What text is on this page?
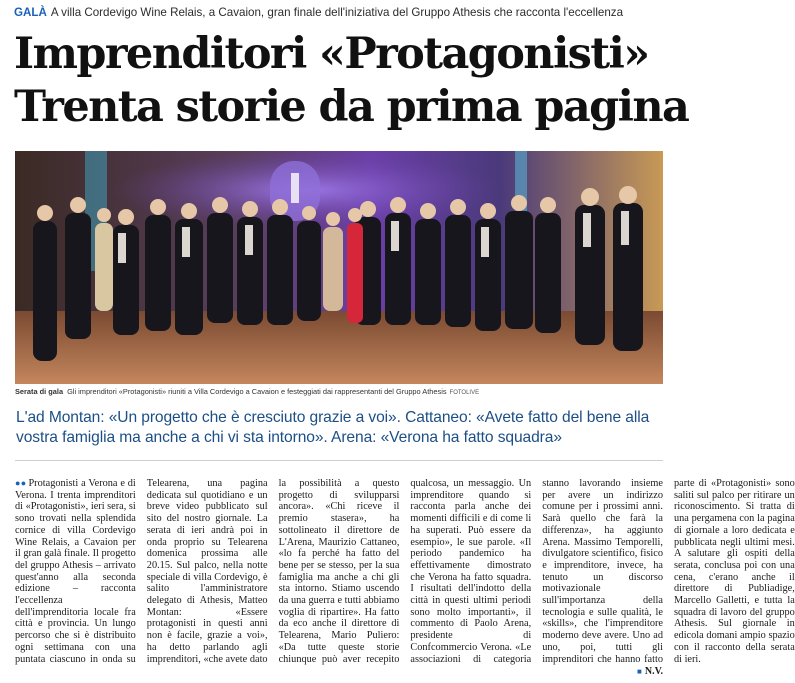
GALÀ A villa Cordevigo Wine Relais, a Cavaion, gran finale dell'iniziativa del Gruppo Athesis che racconta l'eccellenza
Imprenditori «Protagonisti»
Trenta storie da prima pagina
Serata di gala Gli imprenditori «Protagonisti» riuniti a Villa Cordevigo a Cavaion e festeggiati dai rappresentanti del Gruppo Athesis FOTOLIVE
L'ad Montan: «Un progetto che è cresciuto grazie a voi». Cattaneo: «Avete fatto del bene alla vostra famiglia ma anche a chi vi sta intorno». Arena: «Verona ha fatto squadra»

●● Protagonisti a Verona e di Verona. I trenta imprenditori di «Protagonisti», ieri sera, si sono trovati nella splendida cornice di villa Cordevigo Wine Relais, a Cavaion per il gran galà finale. Il progetto del gruppo Athesis – arrivato quest'anno alla seconda edizione – racconta l'eccellenza dell'imprenditoria locale fra città e provincia. Un lungo percorso che si è distribuito ogni settimana con una puntata ciascuno in onda su Telearena, una pagina dedicata sul quotidiano e un breve video pubblicato sul sito del nostro giornale. La serata di ieri andrà poi in onda proprio su Telearena domenica prossima alle 20.15. Sul palco, nella notte speciale di villa Cordevigo, è salito l'amministratore delegato di Athesis, Matteo Montan: «Essere protagonisti in questi anni non è facile, grazie a voi», ha detto parlando agli imprenditori, «che avete dato la possibilità a questo progetto di svilupparsi ancora». «Chi riceve il premio stasera», ha sottolineato il direttore de L'Arena, Maurizio Cattaneo, «lo fa perché ha fatto del bene per se stesso, per la sua famiglia ma anche a chi gli sta intorno. Stiamo uscendo da una guerra e tutti abbiamo voglia di ripartire». Ha fatto da eco anche il direttore di Telearena, Mario Pulierо: «Da tutte queste storie chiunque può aver recepito qualcosa, un messaggio. Un imprenditore quando si racconta parla anche dei momenti difficili e di come li ha superati. Può essere da esempio», le sue parole. «Il periodo pandemico ha effettivamente dimostrato che Verona ha fatto squadra. I risultati dell'indotto della città in questi ultimi periodi sono molto importanti», il commento di Paolo Arena, presidente di Confcommercio Verona. «Le associazioni di categoria stanno lavorando insieme per avere un indirizzo comune per i prossimi anni. Sarà quello che farà la differenza», ha aggiunto Arena. Massimo Temporelli, divulgatore scientifico, fisico e imprenditore, invece, ha tenuto un discorso motivazionale sull'importanza della tecnologia e sulle qualità, le «skills», che l'imprenditore moderno deve avere. Uno ad uno, poi, tutti gli imprenditori che hanno fatto parte di «Protagonisti» sono saliti sul palco per ritirare un riconoscimento. Si tratta di una pergamena con la pagina di giornale a loro dedicata e pubblicata negli ultimi mesi. A salutare gli ospiti della serata, conclusa poi con una cena, c'erano anche il direttore di Publiadige, Marcello Galletti, e tutta la squadra di lavoro del gruppo Athesis. Sul giornale in edicola domani ampio spazio con il racconto della serata di ieri.

■ N.V.
